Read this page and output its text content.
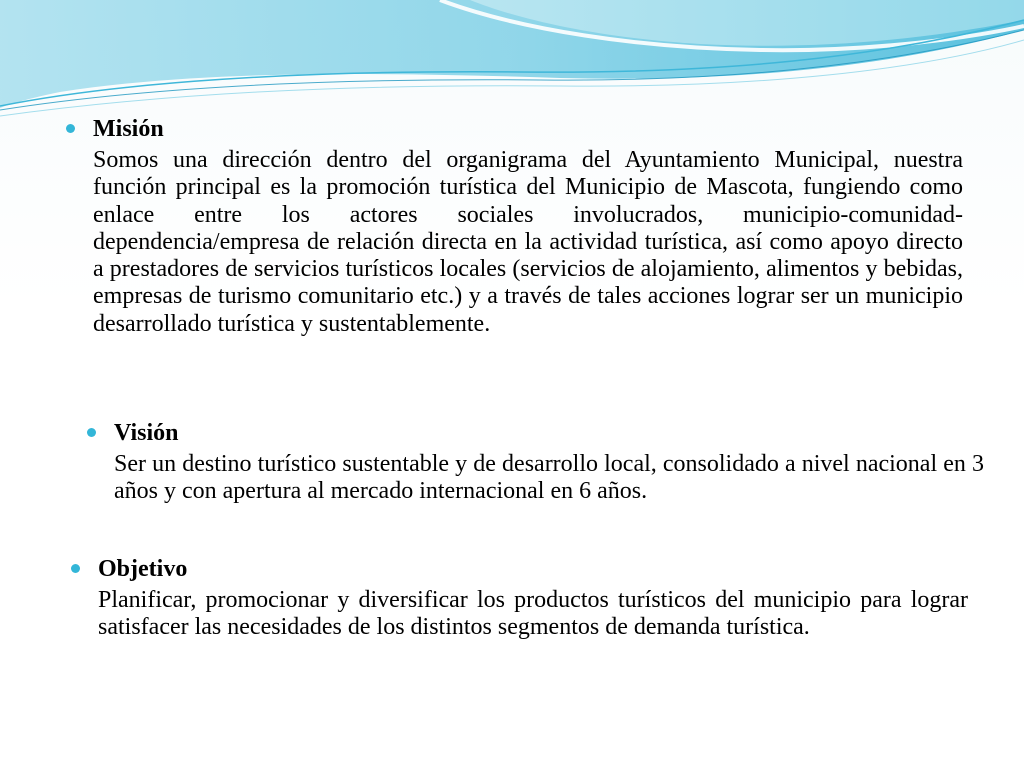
Misión

Somos una dirección dentro del organigrama del Ayuntamiento Municipal, nuestra función principal es la promoción turística del Municipio de Mascota, fungiendo como enlace entre los actores sociales involucrados, municipio-comunidad-dependencia/empresa de relación directa en la actividad turística, así como apoyo directo a prestadores de servicios turísticos locales (servicios de alojamiento, alimentos y bebidas, empresas de turismo comunitario etc.) y a través de tales acciones lograr ser un municipio desarrollado turística y sustentablemente.

Visión

Ser un destino turístico sustentable y de desarrollo local, consolidado a nivel nacional en 3 años y con apertura al mercado internacional en 6 años.

Objetivo

Planificar, promocionar y diversificar los productos turísticos del municipio para lograr satisfacer las necesidades de los distintos segmentos de demanda turística.
